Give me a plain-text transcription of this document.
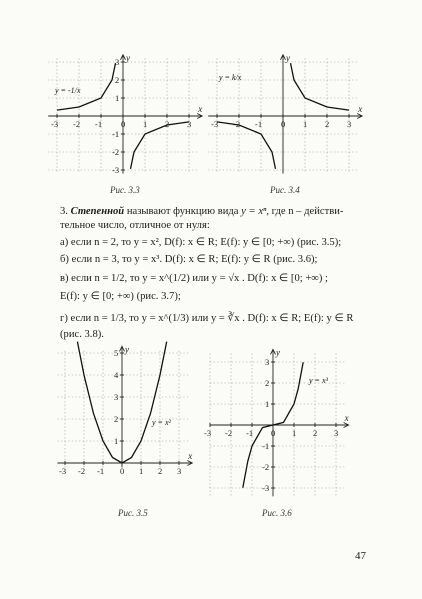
x
y
-3 -2 -1 0 1 2 3
3
2
1
-1
-2
-3
y = -1/x
Рис. 3.3
x
y
-3 -2 -1 0 1 2 3
y = k/x
Рис. 3.4
3. Степенной называют функцию вида y = xⁿ, где n – действи-
тельное число, отличное от нуля:
а) если n = 2, то y = x², D(f): x ∈ R; E(f): y ∈ [0; +∞) (рис. 3.5);
б) если n = 3, то y = x³. D(f): x ∈ R; E(f): y ∈ R (рис. 3.6);
в) если n = 1/2, то y = x^(1/2) или y = √x . D(f): x ∈ [0; +∞) ;
E(f): y ∈ [0; +∞) (рис. 3.7);
г) если n = 1/3, то y = x^(1/3) или y = ∛x . D(f): x ∈ R; E(f): y ∈ R
(рис. 3.8).
x
y
-3 -2 -1 0 1 2 3
5
4
3
2
1
y = x²
Рис. 3.5
x
y
-3 -2 -1 0 1 2 3
3
2
1
-1
-2
-3
y = x³
Рис. 3.6
47
